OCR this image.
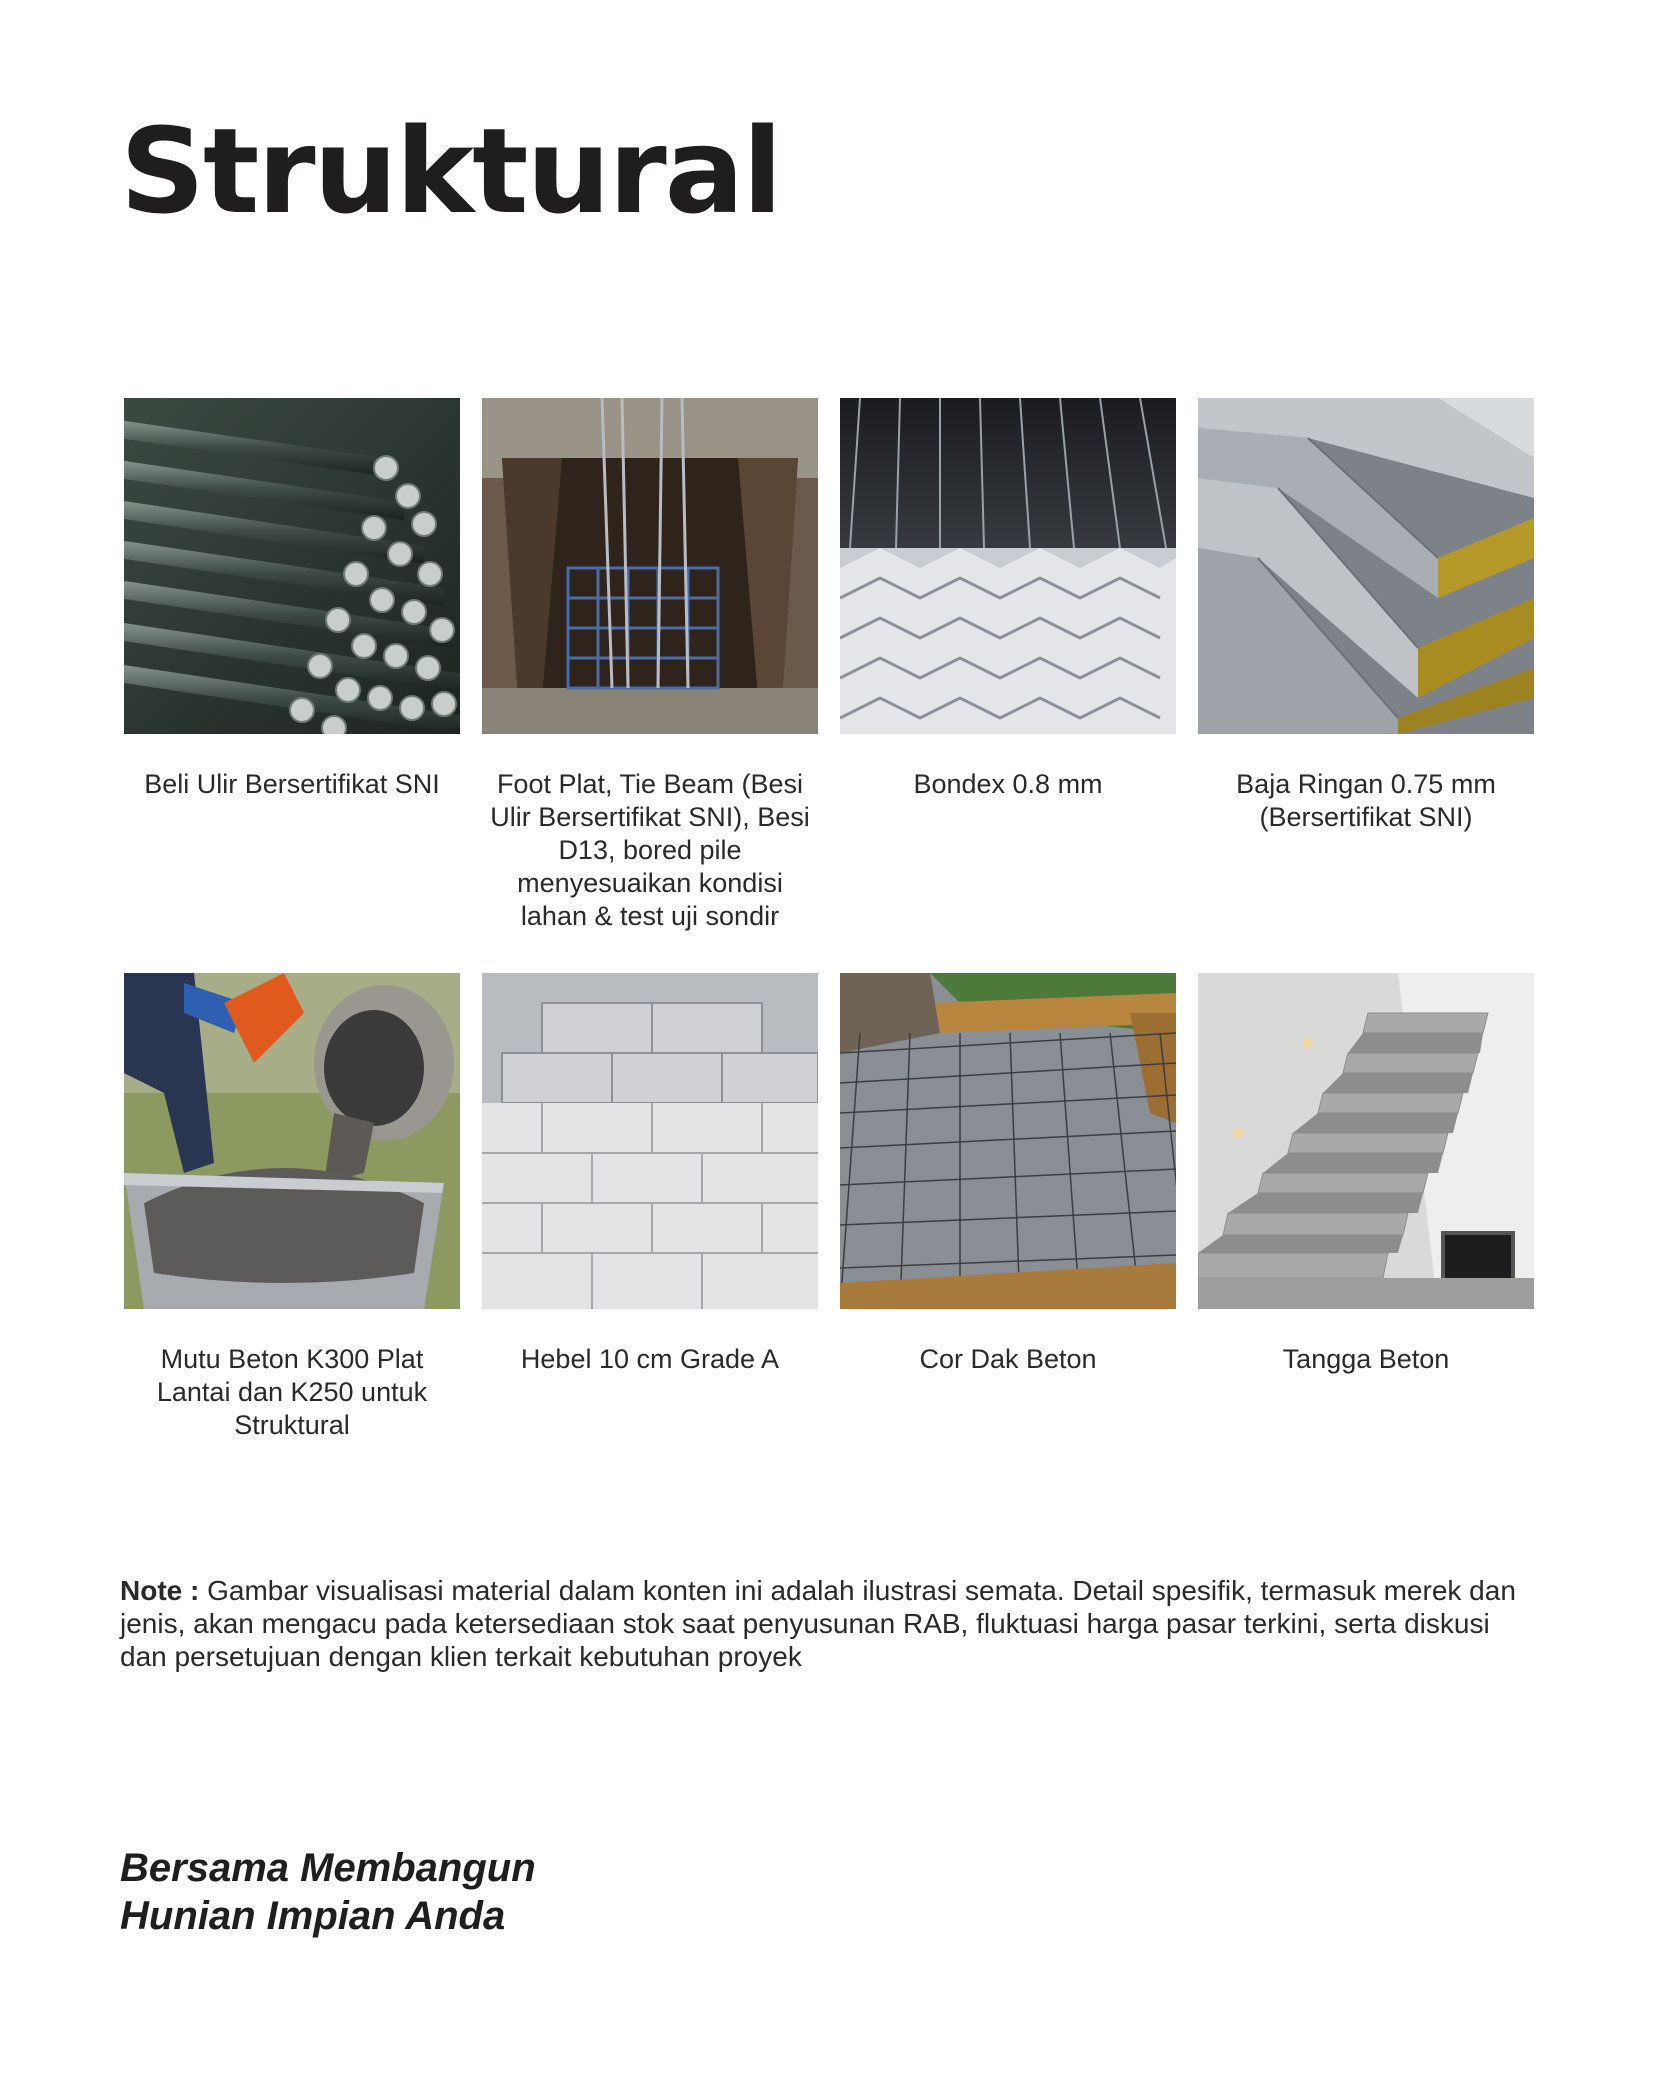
Struktural
Beli Ulir Bersertifikat SNI	Foot Plat, Tie Beam (Besi Ulir Bersertifikat SNI), Besi D13, bored pile menyesuaikan kondisi lahan & test uji sondir
Bondex 0.8 mm	Baja Ringan 0.75 mm (Bersertifikat SNI)
Mutu Beton K300 Plat Lantai dan K250 untuk Struktural
Hebel 10 cm Grade A	Cor Dak Beton	Tangga Beton

Note : Gambar visualisasi material dalam konten ini adalah ilustrasi semata. Detail spesifik, termasuk merek dan jenis, akan mengacu pada ketersediaan stok saat penyusunan RAB, fluktuasi harga pasar terkini, serta diskusi dan persetujuan dengan klien terkait kebutuhan proyek

Bersama Membangun
Hunian Impian Anda
